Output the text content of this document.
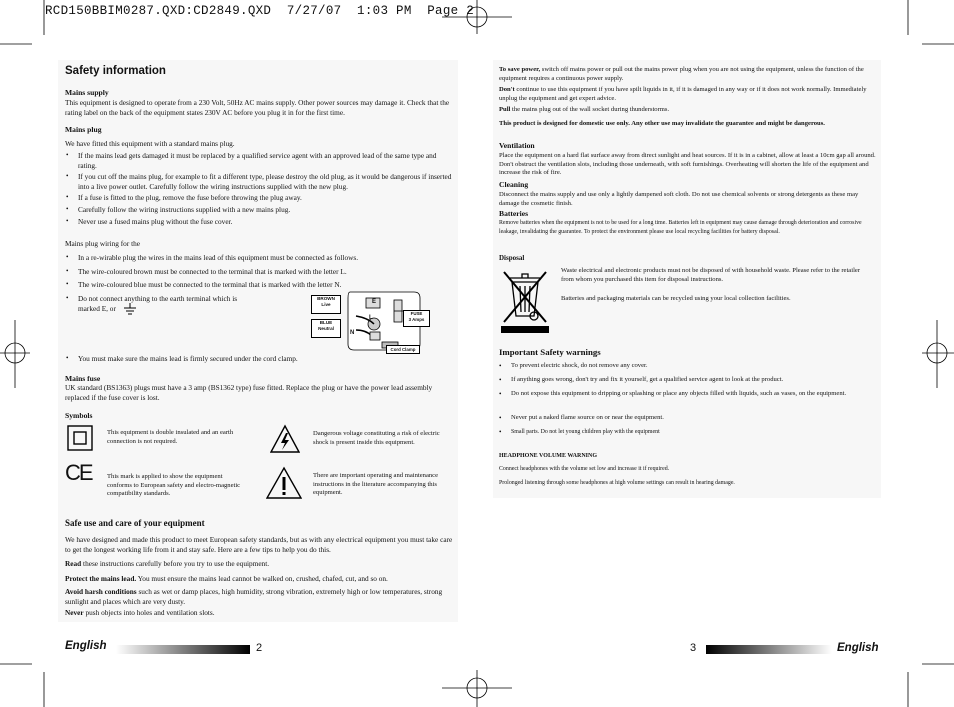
RCD150BBIM0287.QXD:CD2849.QXD  7/27/07  1:03 PM  Page 2
Safety information
Mains supply
This equipment is designed to operate from a 230 Volt, 50Hz AC mains supply. Other power sources may damage it. Check that the rating label on the back of the equipment states 230V AC before you plug it in for the first time.
Mains plug
We have fitted this equipment with a standard mains plug.
• If the mains lead gets damaged it must be replaced by a qualified service agent with an approved lead of the same type and rating.
• If you cut off the mains plug, for example to fit a different type, please destroy the old plug, as it would be dangerous if inserted into a live power outlet. Carefully follow the wiring instructions supplied with the new plug.
• If a fuse is fitted to the plug, remove the fuse before throwing the plug away.
• Carefully follow the wiring instructions supplied with a new mains plug.
• Never use a fused mains plug without the fuse cover.
Mains plug wiring for the
• In a re-wirable plug the wires in the mains lead of this equipment must be connected as follows.
• The wire-coloured brown must be connected to the terminal that is marked with the letter L.
• The wire-coloured blue must be connected to the terminal that is marked with the letter N.
• Do not connect anything to the earth terminal which is marked E, or
BROWN
Live
BLUE
Neutral
FUSE
3 Amps
Cord Clamp
E
L
N
• You must make sure the mains lead is firmly secured under the cord clamp.
Mains fuse
UK standard (BS1363) plugs must have a 3 amp (BS1362 type) fuse fitted. Replace the plug or have the power lead assembly replaced if the fuse cover is lost.
Symbols
This equipment is double insulated and an earth connection is not required.
Dangerous voltage constituting a risk of electric shock is present inside this equipment.
CE This mark is applied to show the equipment conforms to European safety and electro-magnetic compatibility standards.
There are important operating and maintenance instructions in the literature accompanying this equipment.
Safe use and care of your equipment
We have designed and made this product to meet European safety standards, but as with any electrical equipment you must take care to get the longest working life from it and stay safe. Here are a few tips to help you do this.
Read these instructions carefully before you try to use the equipment.
Protect the mains lead. You must ensure the mains lead cannot be walked on, crushed, chafed, cut, and so on.
Avoid harsh conditions such as wet or damp places, high humidity, strong vibration, extremely high or low temperatures, strong sunlight and places which are very dusty.
Never push objects into holes and ventilation slots.
English	2
To save power, switch off mains power or pull out the mains power plug when you are not using the equipment, unless the function of the equipment requires a continuous power supply.
Don't continue to use this equipment if you have spilt liquids in it, if it is damaged in any way or if it does not work normally. Immediately unplug the equipment and get expert advice.
Pull the mains plug out of the wall socket during thunderstorms.
This product is designed for domestic use only. Any other use may invalidate the guarantee and might be dangerous.
Ventilation
Place the equipment on a hard flat surface away from direct sunlight and heat sources. If it is in a cabinet, allow at least a 10cm gap all around. Don't obstruct the ventilation slots, including those underneath, with soft furnishings. Overheating will shorten the life of the equipment and increase the risk of fire.
Cleaning
Disconnect the mains supply and use only a lightly dampened soft cloth. Do not use chemical solvents or strong detergents as these may damage the cosmetic finish.
Batteries
Remove batteries when the equipment is not to be used for a long time. Batteries left in equipment may cause damage through deterioration and corrosive leakage, invalidating the guarantee. To protect the environment please use local recycling facilities for battery disposal.
Disposal
Waste electrical and electronic products must not be disposed of with household waste. Please refer to the retailer from whom you purchased this item for disposal instructions.
Batteries and packaging materials can be recycled using your local collection facilities.
Important Safety warnings
• To prevent electric shock, do not remove any cover.
• If anything goes wrong, don't try and fix it yourself, get a qualified service agent to look at the product.
• Do not expose this equipment to dripping or splashing or place any objects filled with liquids, such as vases, on the equipment.
• Never put a naked flame source on or near the equipment.
• Small parts. Do not let young children play with the equipment
HEADPHONE VOLUME WARNING
Connect headphones with the volume set low and increase it if required.
Prolonged listening through some headphones at high volume settings can result in hearing damage.
3	English
